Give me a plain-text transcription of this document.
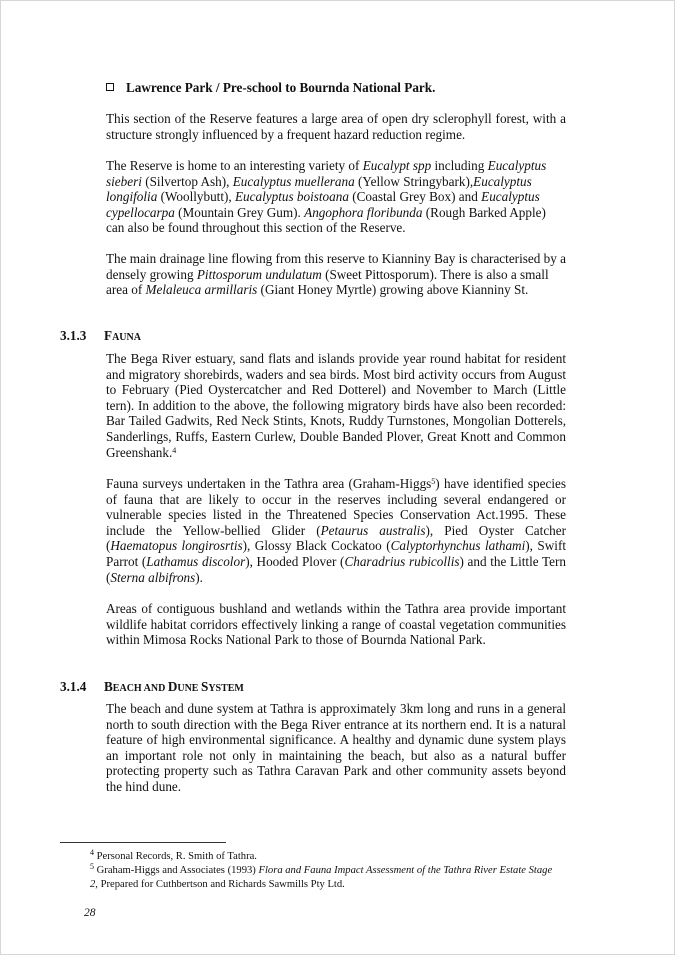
Lawrence Park / Pre-school to Bournda National Park.
This section of the Reserve features a large area of open dry sclerophyll forest, with a structure strongly influenced by a frequent hazard reduction regime.
The Reserve is home to an interesting variety of Eucalypt spp including Eucalyptus sieberi (Silvertop Ash), Eucalyptus muellerana (Yellow Stringybark),Eucalyptus longifolia (Woollybutt), Eucalyptus boistoana (Coastal Grey Box) and Eucalyptus cypellocarpa (Mountain Grey Gum). Angophora floribunda (Rough Barked Apple) can also be found throughout this section of the Reserve.
The main drainage line flowing from this reserve to Kianniny Bay is characterised by a densely growing Pittosporum undulatum (Sweet Pittosporum). There is also a small area of Melaleuca armillaris (Giant Honey Myrtle) growing above Kianniny St.
3.1.3 FAUNA
The Bega River estuary, sand flats and islands provide year round habitat for resident and migratory shorebirds, waders and sea birds. Most bird activity occurs from August to February (Pied Oystercatcher and Red Dotterel) and November to March (Little tern). In addition to the above, the following migratory birds have also been recorded: Bar Tailed Gadwits, Red Neck Stints, Knots, Ruddy Turnstones, Mongolian Dotterels, Sanderlings, Ruffs, Eastern Curlew, Double Banded Plover, Great Knott and Common Greenshank.$^4$
Fauna surveys undertaken in the Tathra area (Graham-Higgs$^5$) have identified species of fauna that are likely to occur in the reserves including several endangered or vulnerable species listed in the Threatened Species Conservation Act.1995. These include the Yellow-bellied Glider (Petaurus australis), Pied Oyster Catcher (Haematopus longirosrtis), Glossy Black Cockatoo (Calyptorhynchus lathami), Swift Parrot (Lathamus discolor), Hooded Plover (Charadrius rubicollis) and the Little Tern (Sterna albifrons).
Areas of contiguous bushland and wetlands within the Tathra area provide important wildlife habitat corridors effectively linking a range of coastal vegetation communities within Mimosa Rocks National Park to those of Bournda National Park.
3.1.4 BEACH AND DUNE SYSTEM
The beach and dune system at Tathra is approximately 3km long and runs in a general north to south direction with the Bega River entrance at its northern end. It is a natural feature of high environmental significance. A healthy and dynamic dune system plays an important role not only in maintaining the beach, but also as a natural buffer protecting property such as Tathra Caravan Park and other community assets beyond the hind dune.
$^4$ Personal Records, R. Smith of Tathra.
$^5$ Graham-Higgs and Associates (1993) Flora and Fauna Impact Assessment of the Tathra River Estate Stage 2, Prepared for Cuthbertson and Richards Sawmills Pty Ltd.
28
